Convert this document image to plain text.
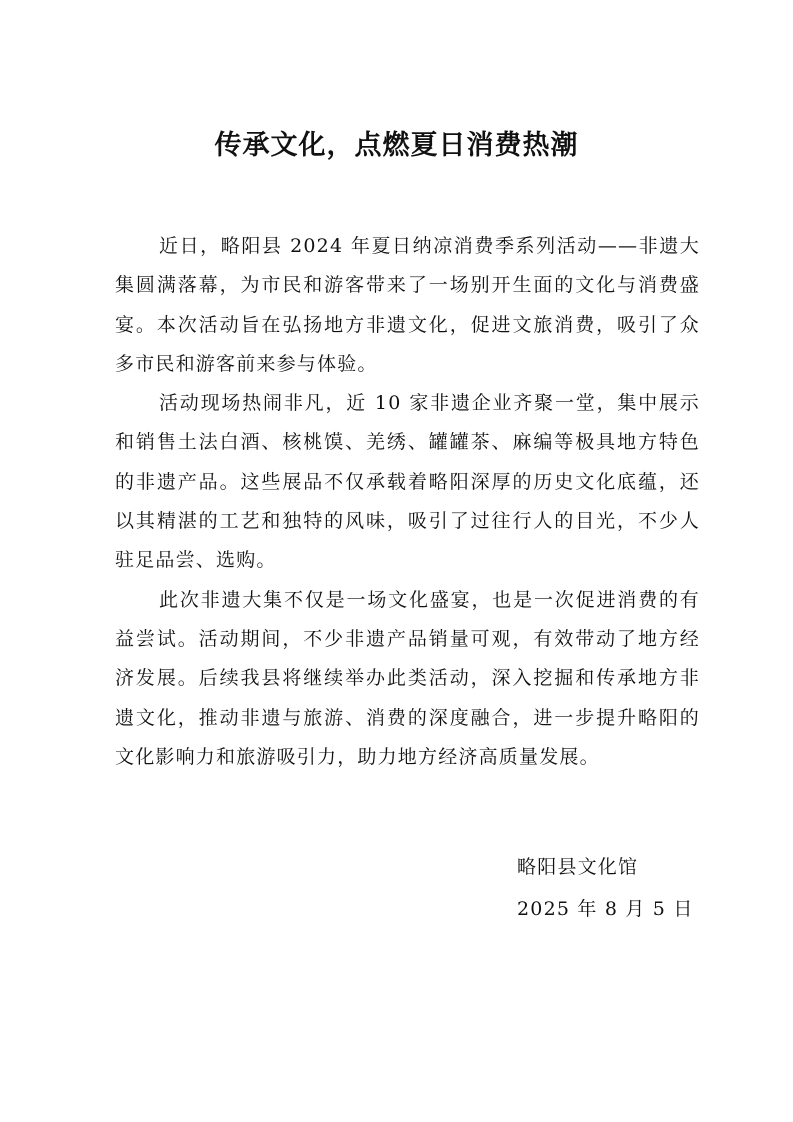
传承文化，点燃夏日消费热潮

近日，略阳县 2024 年夏日纳凉消费季系列活动——非遗大集圆满落幕，为市民和游客带来了一场别开生面的文化与消费盛宴。本次活动旨在弘扬地方非遗文化，促进文旅消费，吸引了众多市民和游客前来参与体验。

活动现场热闹非凡，近 10 家非遗企业齐聚一堂，集中展示和销售土法白酒、核桃馍、羌绣、罐罐茶、麻编等极具地方特色的非遗产品。这些展品不仅承载着略阳深厚的历史文化底蕴，还以其精湛的工艺和独特的风味，吸引了过往行人的目光，不少人驻足品尝、选购。

此次非遗大集不仅是一场文化盛宴，也是一次促进消费的有益尝试。活动期间，不少非遗产品销量可观，有效带动了地方经济发展。后续我县将继续举办此类活动，深入挖掘和传承地方非遗文化，推动非遗与旅游、消费的深度融合，进一步提升略阳的文化影响力和旅游吸引力，助力地方经济高质量发展。

略阳县文化馆
2025 年 8 月 5 日
